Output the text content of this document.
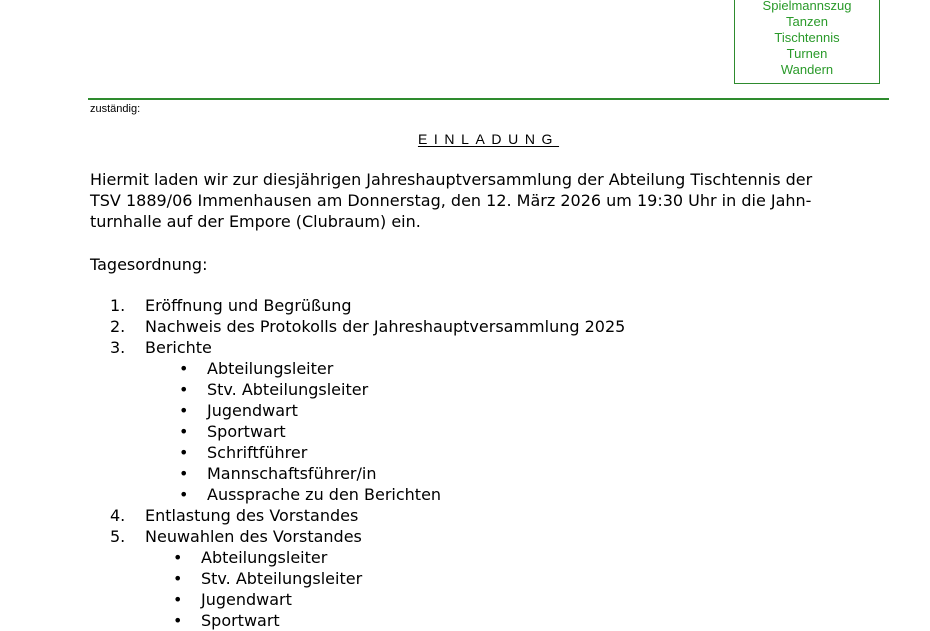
Spielmannszug
Tanzen
Tischtennis
Turnen
Wandern
zuständig:
EINLADUNG
Hiermit laden wir zur diesjährigen Jahreshauptversammlung der Abteilung Tischtennis der
TSV 1889/06 Immenhausen am Donnerstag, den 12. März 2026 um 19:30 Uhr in die Jahn-
turnhalle auf der Empore (Clubraum) ein.
Tagesordnung:
1.	Eröffnung und Begrüßung
2.	Nachweis des Protokolls der Jahreshauptversammlung 2025
3.	Berichte
• Abteilungsleiter
• Stv. Abteilungsleiter
• Jugendwart
• Sportwart
• Schriftführer
• Mannschaftsführer/in
• Aussprache zu den Berichten
4.	Entlastung des Vorstandes
5.	Neuwahlen des Vorstandes
• Abteilungsleiter
• Stv. Abteilungsleiter
• Jugendwart
• Sportwart
